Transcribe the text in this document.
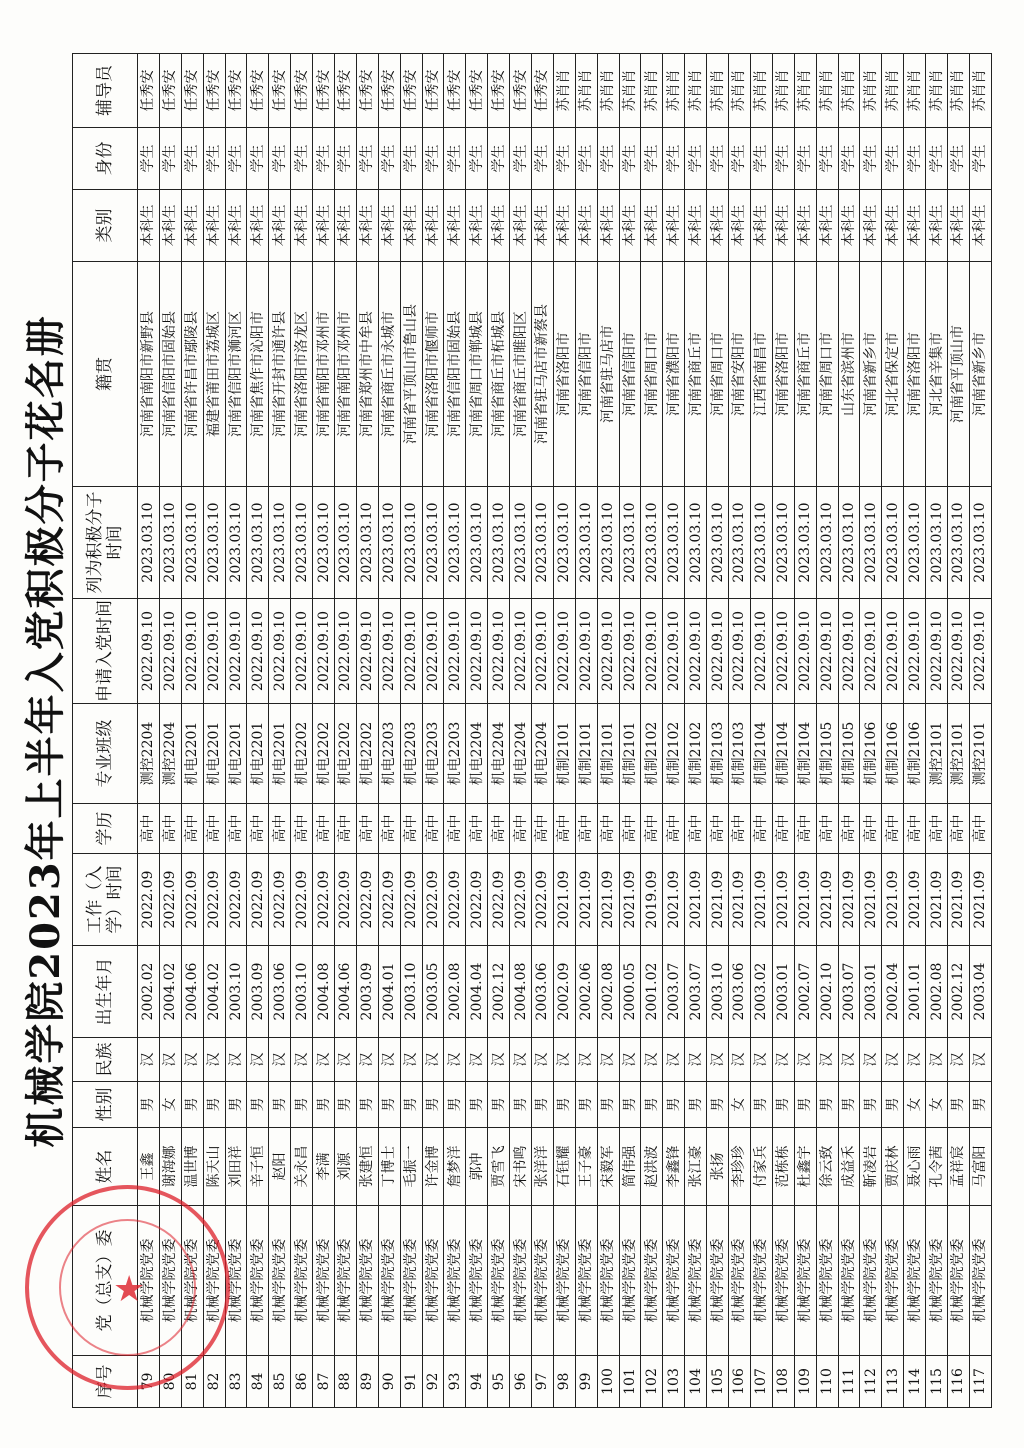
机械学院2023年上半年入党积极分子花名册
序号	党（总支）委	姓名	性别	民族	出生年月	工作（入学）时间	学历	专业班级	申请入党时间	列为积极分子时间	籍贯	类别	身份	辅导员
79	机械学院党委	王鑫	男	汉	2002.02	2022.09	高中	测控2204	2022.09.10	2023.03.10	河南省南阳市新野县	本科生	学生	任秀安
80	机械学院党委	谢海娜	女	汉	2004.02	2022.09	高中	测控2204	2022.09.10	2023.03.10	河南省信阳市固始县	本科生	学生	任秀安
81	机械学院党委	温世博	男	汉	2004.06	2022.09	高中	机电2201	2022.09.10	2023.03.10	河南省许昌市鄢陵县	本科生	学生	任秀安
82	机械学院党委	陈天山	男	汉	2004.02	2022.09	高中	机电2201	2022.09.10	2023.03.10	福建省莆田市荔城区	本科生	学生	任秀安
83	机械学院党委	刘田祥	男	汉	2003.10	2022.09	高中	机电2201	2022.09.10	2023.03.10	河南省信阳市浉河区	本科生	学生	任秀安
84	机械学院党委	辛子恒	男	汉	2003.09	2022.09	高中	机电2201	2022.09.10	2023.03.10	河南省焦作市沁阳市	本科生	学生	任秀安
85	机械学院党委	赵阳	男	汉	2003.06	2022.09	高中	机电2201	2022.09.10	2023.03.10	河南省开封市通许县	本科生	学生	任秀安
86	机械学院党委	关永昌	男	汉	2003.10	2022.09	高中	机电2202	2022.09.10	2023.03.10	河南省洛阳市洛龙区	本科生	学生	任秀安
87	机械学院党委	李满	男	汉	2004.08	2022.09	高中	机电2202	2022.09.10	2023.03.10	河南省南阳市邓州市	本科生	学生	任秀安
88	机械学院党委	刘源	男	汉	2004.06	2022.09	高中	机电2202	2022.09.10	2023.03.10	河南省南阳市邓州市	本科生	学生	任秀安
89	机械学院党委	张建恒	男	汉	2003.09	2022.09	高中	机电2202	2022.09.10	2023.03.10	河南省郑州市中牟县	本科生	学生	任秀安
90	机械学院党委	丁博士	男	汉	2004.01	2022.09	高中	机电2203	2022.09.10	2023.03.10	河南省商丘市永城市	本科生	学生	任秀安
91	机械学院党委	毛振一	男	汉	2003.10	2022.09	高中	机电2203	2022.09.10	2023.03.10	河南省平顶山市鲁山县	本科生	学生	任秀安
92	机械学院党委	许金博	男	汉	2003.05	2022.09	高中	机电2203	2022.09.10	2023.03.10	河南省洛阳市偃师市	本科生	学生	任秀安
93	机械学院党委	詹梦洋	男	汉	2002.08	2022.09	高中	机电2203	2022.09.10	2023.03.10	河南省信阳市固始县	本科生	学生	任秀安
94	机械学院党委	郭冲	男	汉	2004.04	2022.09	高中	机电2204	2022.09.10	2023.03.10	河南省周口市郸城县	本科生	学生	任秀安
95	机械学院党委	贾雪飞	男	汉	2002.12	2022.09	高中	机电2204	2022.09.10	2023.03.10	河南省商丘市柘城县	本科生	学生	任秀安
96	机械学院党委	宋书鸣	男	汉	2004.08	2022.09	高中	机电2204	2022.09.10	2023.03.10	河南省商丘市睢阳区	本科生	学生	任秀安
97	机械学院党委	张洋洋	男	汉	2003.06	2022.09	高中	机电2204	2022.09.10	2023.03.10	河南省驻马店市新蔡县	本科生	学生	任秀安
98	机械学院党委	石钰耀	男	汉	2002.09	2021.09	高中	机制2101	2022.09.10	2023.03.10	河南省洛阳市	本科生	学生	苏肖肖
99	机械学院党委	王子豪	男	汉	2002.06	2021.09	高中	机制2101	2022.09.10	2023.03.10	河南省信阳市	本科生	学生	苏肖肖
100	机械学院党委	宋毅军	男	汉	2002.08	2021.09	高中	机制2101	2022.09.10	2023.03.10	河南省驻马店市	本科生	学生	苏肖肖
101	机械学院党委	简伟强	男	汉	2000.05	2021.09	高中	机制2101	2022.09.10	2023.03.10	河南省信阳市	本科生	学生	苏肖肖
102	机械学院党委	赵洪波	男	汉	2001.02	2019.09	高中	机制2102	2022.09.10	2023.03.10	河南省周口市	本科生	学生	苏肖肖
103	机械学院党委	李鑫锋	男	汉	2003.07	2021.09	高中	机制2102	2022.09.10	2023.03.10	河南省濮阳市	本科生	学生	苏肖肖
104	机械学院党委	张江豪	男	汉	2003.07	2021.09	高中	机制2102	2022.09.10	2023.03.10	河南省商丘市	本科生	学生	苏肖肖
105	机械学院党委	张扬	男	汉	2003.10	2021.09	高中	机制2103	2022.09.10	2023.03.10	河南省周口市	本科生	学生	苏肖肖
106	机械学院党委	李珍珍	女	汉	2003.06	2021.09	高中	机制2103	2022.09.10	2023.03.10	河南省安阳市	本科生	学生	苏肖肖
107	机械学院党委	付家兵	男	汉	2003.02	2021.09	高中	机制2104	2022.09.10	2023.03.10	江西省南昌市	本科生	学生	苏肖肖
108	机械学院党委	范栋栋	男	汉	2003.01	2021.09	高中	机制2104	2022.09.10	2023.03.10	河南省洛阳市	本科生	学生	苏肖肖
109	机械学院党委	杜鑫宇	男	汉	2002.07	2021.09	高中	机制2104	2022.09.10	2023.03.10	河南省商丘市	本科生	学生	苏肖肖
110	机械学院党委	徐云致	男	汉	2002.10	2021.09	高中	机制2105	2022.09.10	2023.03.10	河南省周口市	本科生	学生	苏肖肖
111	机械学院党委	成益禾	男	汉	2003.07	2021.09	高中	机制2105	2022.09.10	2023.03.10	山东省滨州市	本科生	学生	苏肖肖
112	机械学院党委	靳凌岩	男	汉	2003.01	2021.09	高中	机制2106	2022.09.10	2023.03.10	河南省新乡市	本科生	学生	苏肖肖
113	机械学院党委	贾庆林	男	汉	2002.04	2021.09	高中	机制2106	2022.09.10	2023.03.10	河北省保定市	本科生	学生	苏肖肖
114	机械学院党委	聂心雨	女	汉	2001.01	2021.09	高中	机制2106	2022.09.10	2023.03.10	河南省洛阳市	本科生	学生	苏肖肖
115	机械学院党委	孔令茜	女	汉	2002.08	2021.09	高中	测控2101	2022.09.10	2023.03.10	河北省辛集市	本科生	学生	苏肖肖
116	机械学院党委	孟祥宸	男	汉	2002.12	2021.09	高中	测控2101	2022.09.10	2023.03.10	河南省平顶山市	本科生	学生	苏肖肖
117	机械学院党委	马富阳	男	汉	2003.04	2021.09	高中	测控2101	2022.09.10	2023.03.10	河南省新乡市	本科生	学生	苏肖肖
★
